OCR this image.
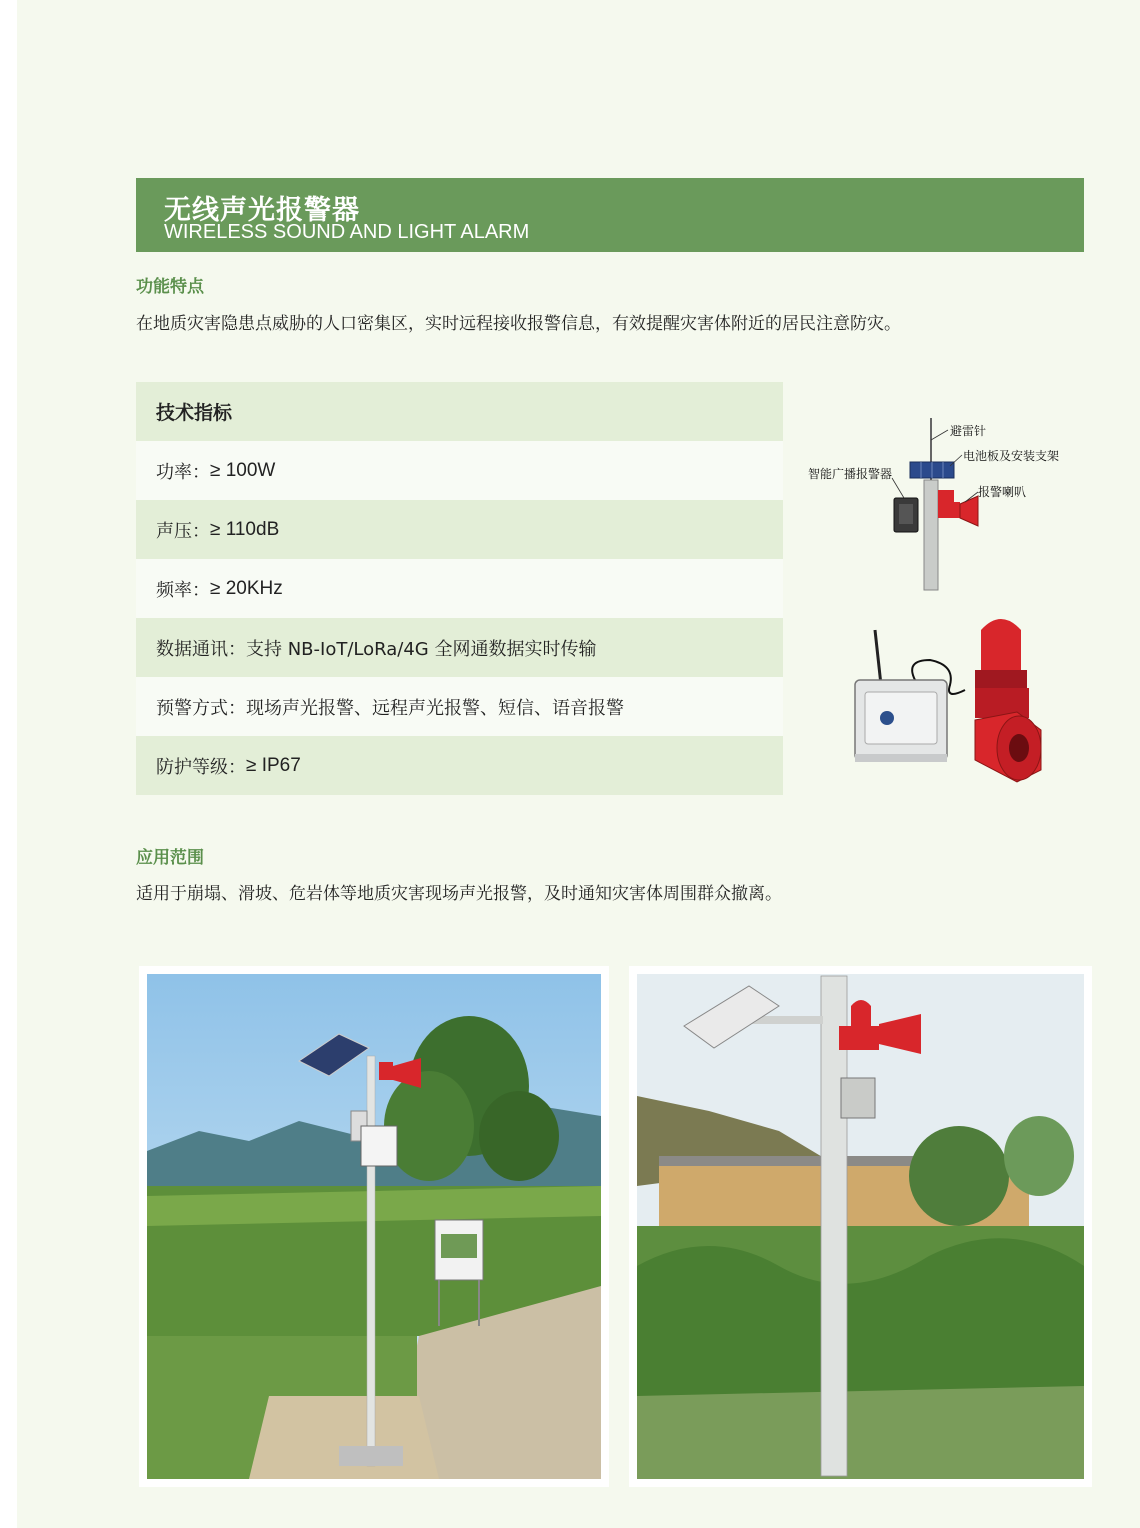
无线声光报警器
WIRELESS SOUND AND LIGHT ALARM
功能特点
在地质灾害隐患点威胁的人口密集区，实时远程接收报警信息，有效提醒灾害体附近的居民注意防灾。
技术指标
功率： ≥ 100W
声压： ≥ 110dB
频率： ≥ 20KHz
数据通讯： 支持 NB-IoT/LoRa/4G 全网通数据实时传输
预警方式： 现场声光报警、远程声光报警、短信、语音报警
防护等级： ≥ IP67
避雷针
电池板及安装支架
智能广播报警器
报警喇叭
应用范围
适用于崩塌、滑坡、危岩体等地质灾害现场声光报警，及时通知灾害体周围群众撤离。
